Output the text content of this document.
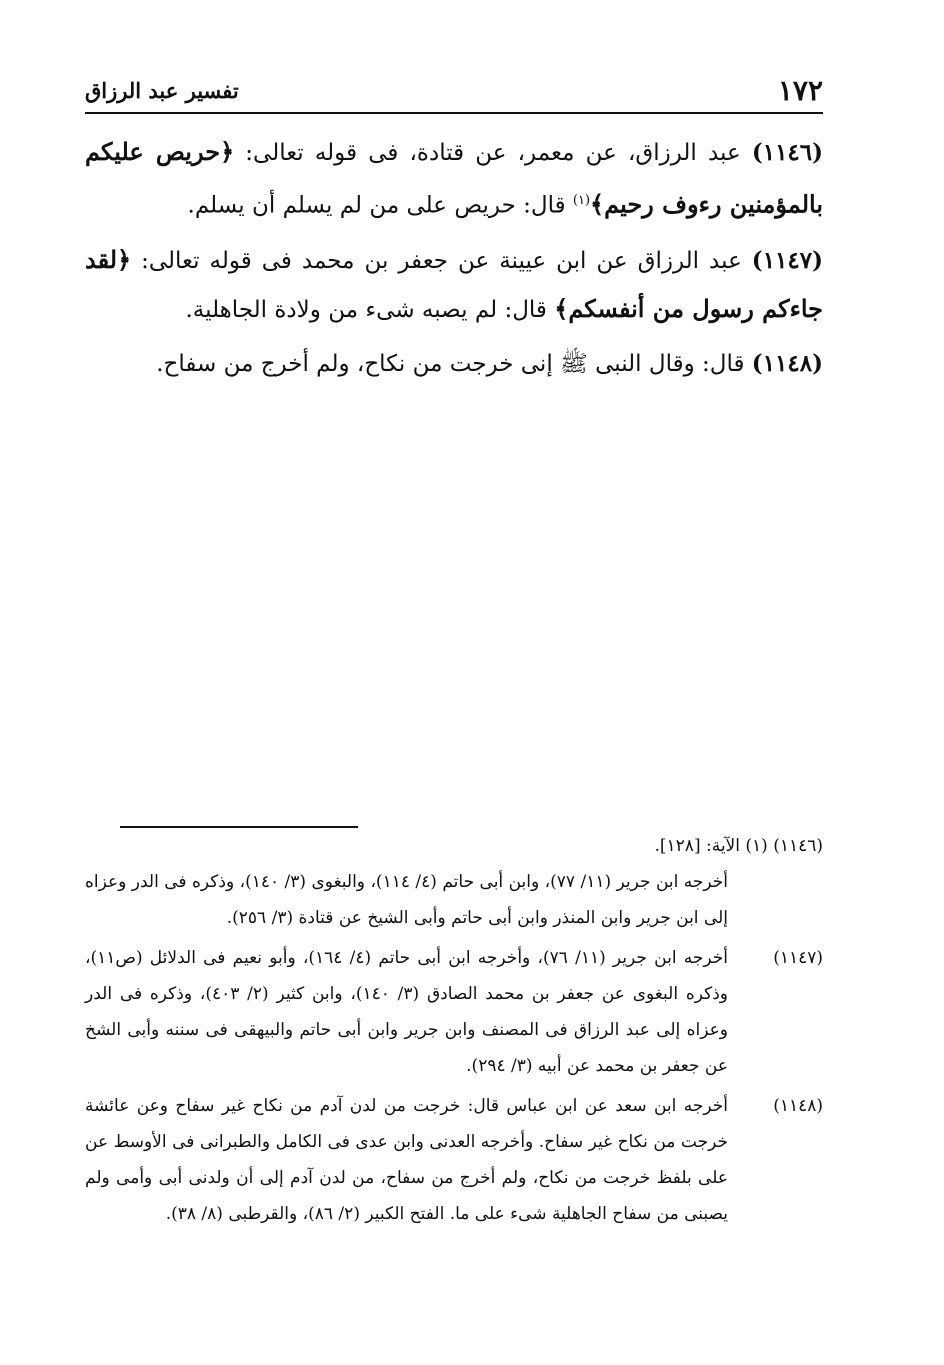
١٧٢
تفسير عبد الرزاق

(١١٤٦) عبد الرزاق، عن معمر، عن قتادة، فى قوله تعالى: ﴿حريص عليكم بالمؤمنين رءوف رحيم﴾$^{(١)}$ قال: حريص على من لم يسلم أن يسلم.

(١١٤٧) عبد الرزاق عن ابن عيينة عن جعفر بن محمد فى قوله تعالى: ﴿لقد جاءكم رسول من أنفسكم﴾ قال: لم يصبه شىء من ولادة الجاهلية.

(١١٤٨) قال: وقال النبى ﷺ إنى خرجت من نكاح، ولم أخرج من سفاح.

(١١٤٦) (١) الآية: [١٢٨].

أخرجه ابن جرير (١١/ ٧٧)، وابن أبى حاتم (٤/ ١١٤)، والبغوى (٣/ ١٤٠)، وذكره فى الدر وعزاه إلى ابن جرير وابن المنذر وابن أبى حاتم وأبى الشيخ عن قتادة (٣/ ٢٥٦).

(١١٤٧)
أخرجه ابن جرير (١١/ ٧٦)، وأخرجه ابن أبى حاتم (٤/ ١٦٤)، وأبو نعيم فى الدلائل (ص١١)، وذكره البغوى عن جعفر بن محمد الصادق (٣/ ١٤٠)، وابن كثير (٢/ ٤٠٣)، وذكره فى الدر وعزاه إلى عبد الرزاق فى المصنف وابن جرير وابن أبى حاتم والبيهقى فى سننه وأبى الشخ عن جعفر بن محمد عن أبيه (٣/ ٢٩٤).

(١١٤٨)
أخرجه ابن سعد عن ابن عباس قال: خرجت من لدن آدم من نكاح غير سفاح وعن عائشة خرجت من نكاح غير سفاح. وأخرجه العدنى وابن عدى فى الكامل والطبرانى فى الأوسط عن على بلفظ خرجت من نكاح، ولم أخرج من سفاح، من لدن آدم إلى أن ولدنى أبى وأمى ولم يصبنى من سفاح الجاهلية شىء على ما. الفتح الكبير (٢/ ٨٦)، والقرطبى (٨/ ٣٨).
